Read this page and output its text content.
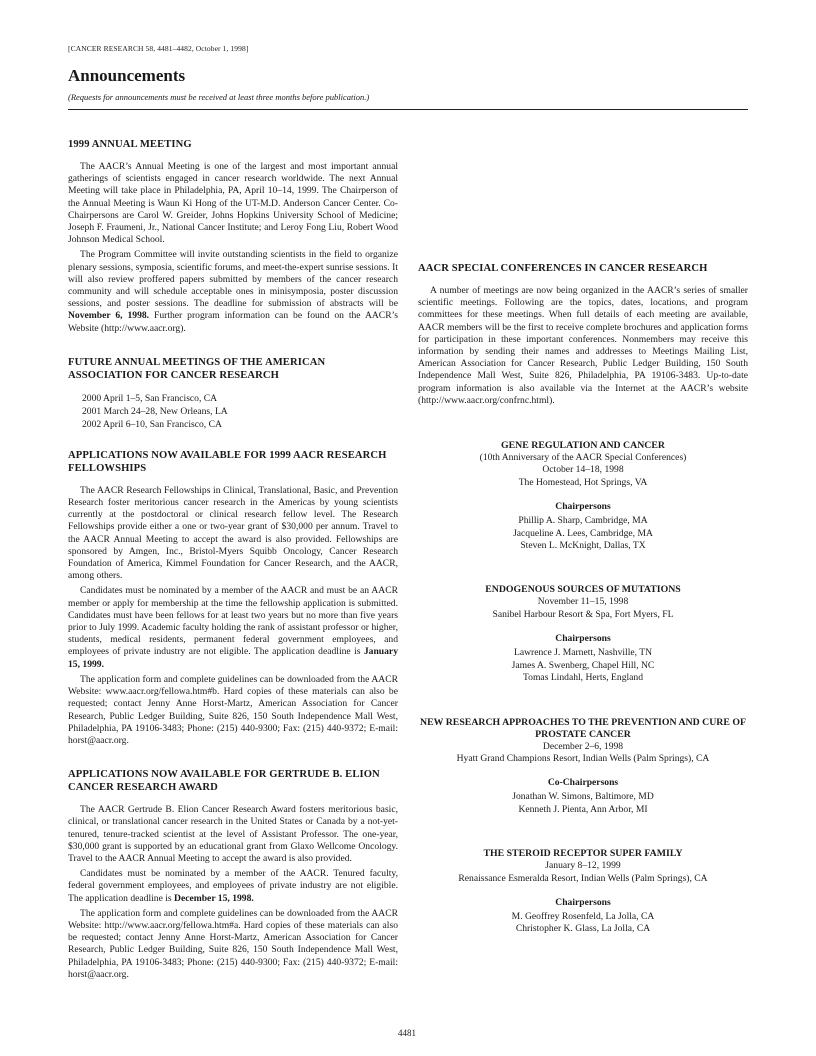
[CANCER RESEARCH 58, 4481–4482, October 1, 1998]
Announcements
(Requests for announcements must be received at least three months before publication.)
1999 ANNUAL MEETING

The AACR’s Annual Meeting is one of the largest and most important annual gatherings of scientists engaged in cancer research worldwide. The next Annual Meeting will take place in Philadelphia, PA, April 10–14, 1999. The Chairperson of the Annual Meeting is Waun Ki Hong of the UT-M.D. Anderson Cancer Center. Co-Chairpersons are Carol W. Greider, Johns Hopkins University School of Medicine; Joseph F. Fraumeni, Jr., National Cancer Institute; and Leroy Fong Liu, Robert Wood Johnson Medical School.

The Program Committee will invite outstanding scientists in the field to organize plenary sessions, symposia, scientific forums, and meet-the-expert sunrise sessions. It will also review proffered papers submitted by members of the cancer research community and will schedule acceptable ones in minisymposia, poster discussion sessions, and poster sessions. The deadline for submission of abstracts will be November 6, 1998. Further program information can be found on the AACR’s Website (http://www.aacr.org).

FUTURE ANNUAL MEETINGS OF THE AMERICAN ASSOCIATION FOR CANCER RESEARCH
2000 April 1–5, San Francisco, CA
2001 March 24–28, New Orleans, LA
2002 April 6–10, San Francisco, CA
APPLICATIONS NOW AVAILABLE FOR 1999 AACR RESEARCH FELLOWSHIPS

The AACR Research Fellowships in Clinical, Translational, Basic, and Prevention Research foster meritorious cancer research in the Americas by young scientists currently at the postdoctoral or clinical research fellow level. The Research Fellowships provide either a one or two-year grant of $30,000 per annum. Travel to the AACR Annual Meeting to accept the award is also provided. Fellowships are sponsored by Amgen, Inc., Bristol-Myers Squibb Oncology, Cancer Research Foundation of America, Kimmel Foundation for Cancer Research, and the AACR, among others.

Candidates must be nominated by a member of the AACR and must be an AACR member or apply for membership at the time the fellowship application is submitted. Candidates must have been fellows for at least two years but no more than five years prior to July 1999. Academic faculty holding the rank of assistant professor or higher, students, medical residents, permanent federal government employees, and employees of private industry are not eligible. The application deadline is January 15, 1999.

The application form and complete guidelines can be downloaded from the AACR Website: www.aacr.org/fellowa.htm#b. Hard copies of these materials can also be requested; contact Jenny Anne Horst-Martz, American Association for Cancer Research, Public Ledger Building, Suite 826, 150 South Independence Mall West, Philadelphia, PA 19106-3483; Phone: (215) 440-9300; Fax: (215) 440-9372; E-mail: horst@aacr.org.

APPLICATIONS NOW AVAILABLE FOR GERTRUDE B. ELION CANCER RESEARCH AWARD

The AACR Gertrude B. Elion Cancer Research Award fosters meritorious basic, clinical, or translational cancer research in the United States or Canada by a not-yet-tenured, tenure-tracked scientist at the level of Assistant Professor. The one-year, $30,000 grant is supported by an educational grant from Glaxo Wellcome Oncology. Travel to the AACR Annual Meeting to accept the award is also provided.

Candidates must be nominated by a member of the AACR. Tenured faculty, federal government employees, and employees of private industry are not eligible. The application deadline is December 15, 1998.

The application form and complete guidelines can be downloaded from the AACR Website: http://www.aacr.org/fellowa.htm#a. Hard copies of these materials can also be requested; contact Jenny Anne Horst-Martz, American Association for Cancer Research, Public Ledger Building, Suite 826, 150 South Independence Mall West, Philadelphia, PA 19106-3483; Phone: (215) 440-9300; Fax: (215) 440-9372; E-mail: horst@aacr.org.

AACR SPECIAL CONFERENCES IN CANCER RESEARCH

A number of meetings are now being organized in the AACR’s series of smaller scientific meetings. Following are the topics, dates, locations, and program committees for these meetings. When full details of each meeting are available, AACR members will be the first to receive complete brochures and application forms for participation in these important conferences. Nonmembers may receive this information by sending their names and addresses to Meetings Mailing List, American Association for Cancer Research, Public Ledger Building, 150 South Independence Mall West, Suite 826, Philadelphia, PA 19106-3483. Up-to-date program information is also available via the Internet at the AACR’s website (http://www.aacr.org/confrnc.html).

GENE REGULATION AND CANCER
(10th Anniversary of the AACR Special Conferences)
October 14–18, 1998
The Homestead, Hot Springs, VA
Chairpersons
Phillip A. Sharp, Cambridge, MA
Jacqueline A. Lees, Cambridge, MA
Steven L. McKnight, Dallas, TX
ENDOGENOUS SOURCES OF MUTATIONS
November 11–15, 1998
Sanibel Harbour Resort & Spa, Fort Myers, FL
Chairpersons
Lawrence J. Marnett, Nashville, TN
James A. Swenberg, Chapel Hill, NC
Tomas Lindahl, Herts, England
NEW RESEARCH APPROACHES TO THE PREVENTION AND CURE OF PROSTATE CANCER
December 2–6, 1998
Hyatt Grand Champions Resort, Indian Wells (Palm Springs), CA
Co-Chairpersons
Jonathan W. Simons, Baltimore, MD
Kenneth J. Pienta, Ann Arbor, MI
THE STEROID RECEPTOR SUPER FAMILY
January 8–12, 1999
Renaissance Esmeralda Resort, Indian Wells (Palm Springs), CA
Chairpersons
M. Geoffrey Rosenfeld, La Jolla, CA
Christopher K. Glass, La Jolla, CA
4481
